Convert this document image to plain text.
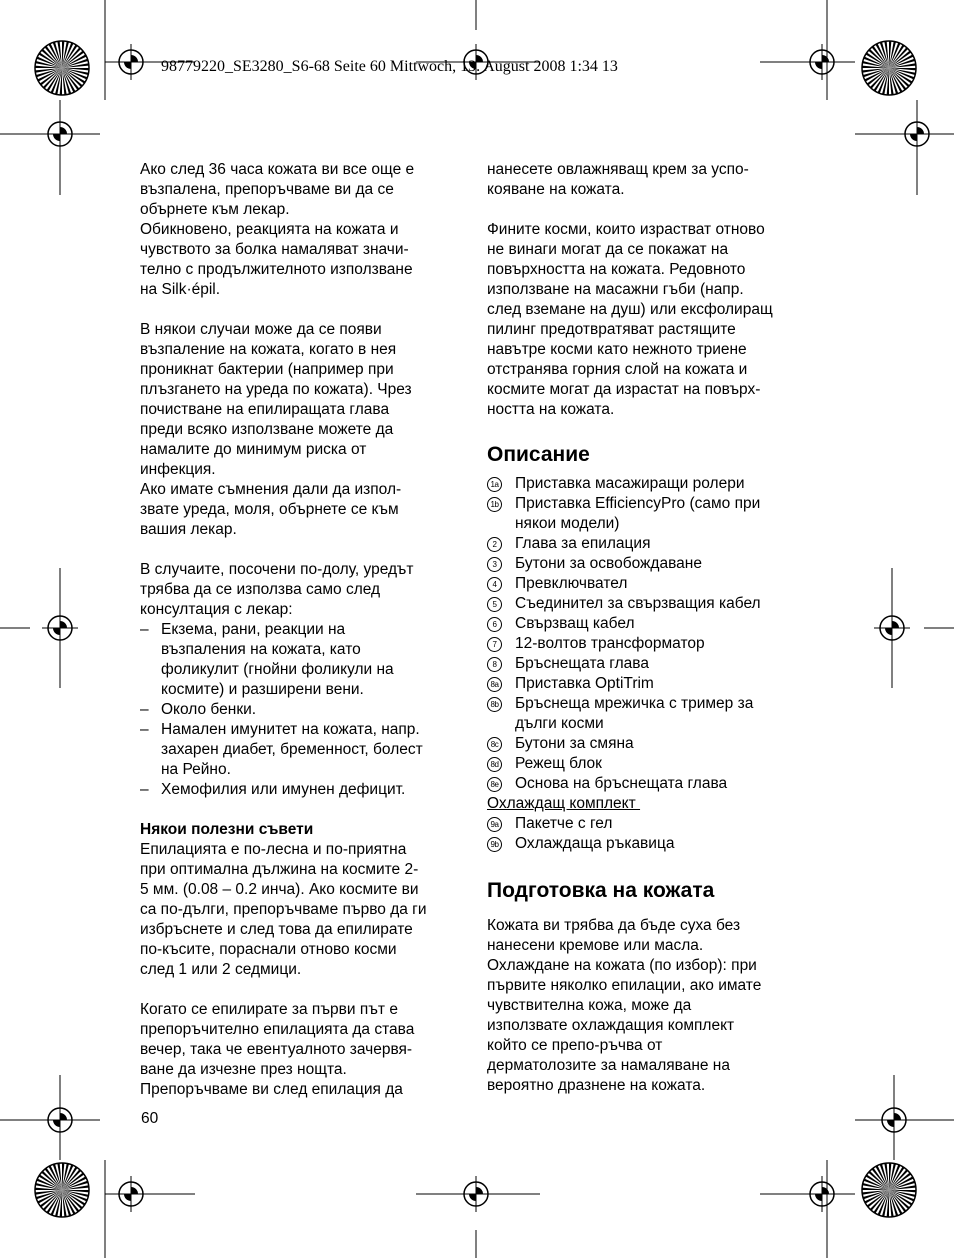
98779220_SE3280_S6-68 Seite 60 Mittwoch, 13. August 2008 1:34 13
Ако след 36 часа кожата ви все още е
възпалена, препоръчваме ви да се
обърнете към лекар.
Обикновено, реакцията на кожата и
чувството за болка намаляват значи-
телно с продължителното използване
на Silk·épil.
В някои случаи може да се появи
възпаление на кожата, когато в нея
проникнат бактерии (например при
плъзгането на уреда по кожата). Чрез
почистване на епилиращата глава
преди всяко използване можете да
намалите до минимум риска от
инфекция.
Ако имате съмнения дали да изпол-
звате уреда, моля, обърнете се към
вашия лекар.
В случаите, посочени по-долу, уредът
трябва да се използва само след
консултация с лекар:
– Екзема, рани, реакции на
възпаления на кожата, като
фоликулит (гнойни фоликули на
космите) и разширени вени.
– Около бенки.
– Намален имунитет на кожата, напр.
захарен диабет, бременност, болест
на Рейно.
– Хемофилия или имунен дефицит.
Някои полезни съвети
Епилацията е по-лесна и по-приятна
при оптимална дължина на космите 2-
5 мм. (0.08 – 0.2 инча). Ако космите ви
са по-дълги, препоръчваме първо да ги
избръснете и след това да епилирате
по-късите, пораснали отново косми
след 1 или 2 седмици.
Когато се епилирате за първи път е
препоръчително епилацията да става
вечер, така че евентуалното зачервя-
ване да изчезне през нощта.
Препоръчваме ви след епилация да
нанесете овлажняващ крем за успо-
кояване на кожата.
Фините косми, които израстват отново
не винаги могат да се покажат на
повърхността на кожата. Редовното
използване на масажни гъби (напр.
след вземане на душ) или ексфолиращ
пилинг предотвратяват растящите
навътре косми като нежното триене
отстранява горния слой на кожата и
космите могат да израстат на повърх-
ността на кожата.
Описание
1a Приставка масажиращи ролери
1b Приставка EfficiencyPro (само при
някои модели)
2	Глава за епилация
3	Бутони за освобождаване
4	Превключвател
5	Съединител за свързващия кабел
6	Свързващ кабел
7	12-волтов трансформатор
8	Бръснещата глава
8a Приставка OptiTrim
8b Бръснеща мрежичка с тример за
дълги косми
8c Бутони за смяна
8d Режещ блок
8e Основа на бръснещата глава
Охлаждащ комплект
9a Пакетче с гел
9b Охлаждаща ръкавица
Подготовка на кожата
Кожата ви трябва да бъде суха без
нанесени кремове или масла.
Охлаждане на кожата (по избор): при
първите няколко епилации, ако имате
чувствителна кожа, може да
използвате охлаждащия комплект
който се препо-ръчва от
дерматолозите за намаляване на
вероятно дразнене на кожата.
60
